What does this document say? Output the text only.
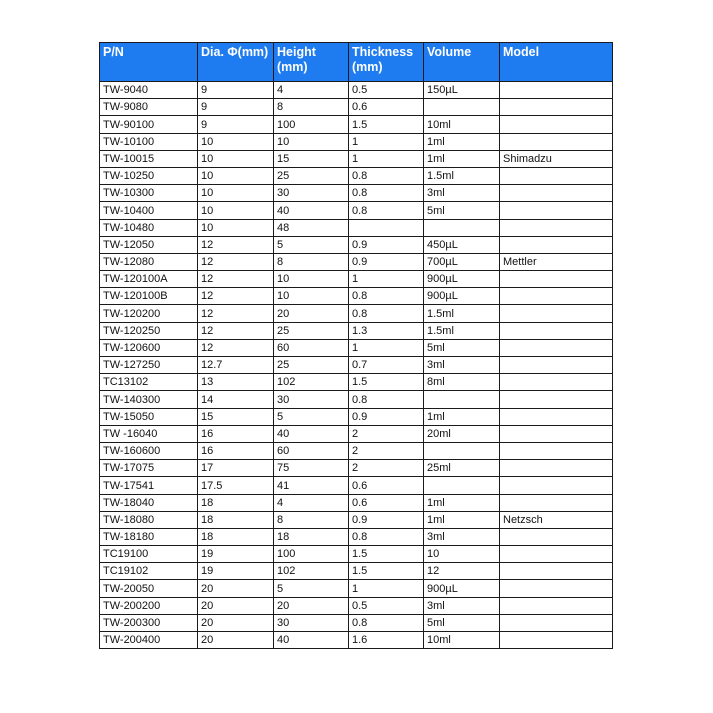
P/N	Dia. Φ(mm)	Height (mm)	Thickness (mm)	Volume	Model
TW-9040	9	4	0.5	150µL	
TW-9080	9	8	0.6		
TW-90100	9	100	1.5	10ml	
TW-10100	10	10	1	1ml	
TW-10015	10	15	1	1ml	Shimadzu
TW-10250	10	25	0.8	1.5ml	
TW-10300	10	30	0.8	3ml	
TW-10400	10	40	0.8	5ml	
TW-10480	10	48			
TW-12050	12	5	0.9	450µL	
TW-12080	12	8	0.9	700µL	Mettler
TW-120100A	12	10	1	900µL	
TW-120100B	12	10	0.8	900µL	
TW-120200	12	20	0.8	1.5ml	
TW-120250	12	25	1.3	1.5ml	
TW-120600	12	60	1	5ml	
TW-127250	12.7	25	0.7	3ml	
TC13102	13	102	1.5	8ml	
TW-140300	14	30	0.8		
TW-15050	15	5	0.9	1ml	
TW -16040	16	40	2	20ml	
TW-160600	16	60	2		
TW-17075	17	75	2	25ml	
TW-17541	17.5	41	0.6		
TW-18040	18	4	0.6	1ml	
TW-18080	18	8	0.9	1ml	Netzsch
TW-18180	18	18	0.8	3ml	
TC19100	19	100	1.5	10	
TC19102	19	102	1.5	12	
TW-20050	20	5	1	900µL	
TW-200200	20	20	0.5	3ml	
TW-200300	20	30	0.8	5ml	
TW-200400	20	40	1.6	10ml	
